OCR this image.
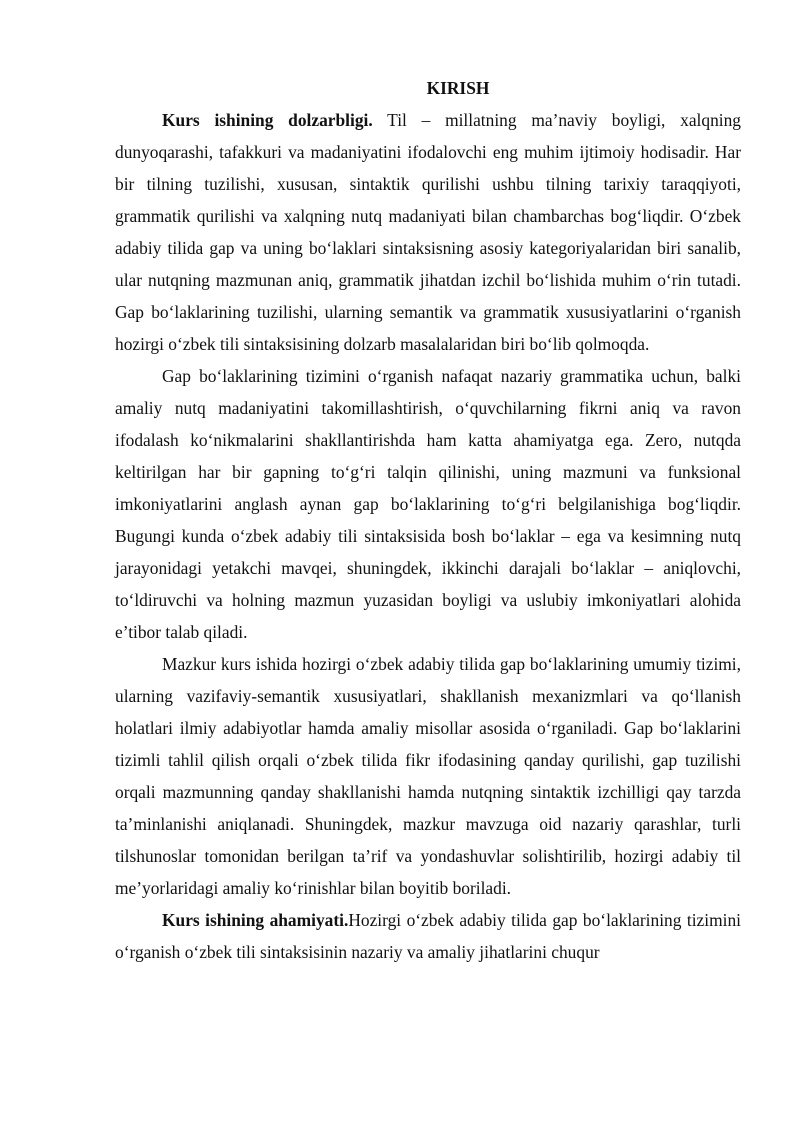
KIRISH

Kurs ishining dolzarbligi. Til – millatning ma’naviy boyligi, xalqning dunyoqarashi, tafakkuri va madaniyatini ifodalovchi eng muhim ijtimoiy hodisadir. Har bir tilning tuzilishi, xususan, sintaktik qurilishi ushbu tilning tarixiy taraqqiyoti, grammatik qurilishi va xalqning nutq madaniyati bilan chambarchas bog‘liqdir. O‘zbek adabiy tilida gap va uning bo‘laklari sintaksisning asosiy kategoriyalaridan biri sanalib, ular nutqning mazmunan aniq, grammatik jihatdan izchil bo‘lishida muhim o‘rin tutadi. Gap bo‘laklarining tuzilishi, ularning semantik va grammatik xususiyatlarini o‘rganish hozirgi o‘zbek tili sintaksisining dolzarb masalalaridan biri bo‘lib qolmoqda.

Gap bo‘laklarining tizimini o‘rganish nafaqat nazariy grammatika uchun, balki amaliy nutq madaniyatini takomillashtirish, o‘quvchilarning fikrni aniq va ravon ifodalash ko‘nikmalarini shakllantirishda ham katta ahamiyatga ega. Zero, nutqda keltirilgan har bir gapning to‘g‘ri talqin qilinishi, uning mazmuni va funksional imkoniyatlarini anglash aynan gap bo‘laklarining to‘g‘ri belgilanishiga bog‘liqdir. Bugungi kunda o‘zbek adabiy tili sintaksisida bosh bo‘laklar – ega va kesimning nutq jarayonidagi yetakchi mavqei, shuningdek, ikkinchi darajali bo‘laklar – aniqlovchi, to‘ldiruvchi va holning mazmun yuzasidan boyligi va uslubiy imkoniyatlari alohida e’tibor talab qiladi.

Mazkur kurs ishida hozirgi o‘zbek adabiy tilida gap bo‘laklarining umumiy tizimi, ularning vazifaviy-semantik xususiyatlari, shakllanish mexanizmlari va qo‘llanish holatlari ilmiy adabiyotlar hamda amaliy misollar asosida o‘rganiladi. Gap bo‘laklarini tizimli tahlil qilish orqali o‘zbek tilida fikr ifodasining qanday qurilishi, gap tuzilishi orqali mazmunning qanday shakllanishi hamda nutqning sintaktik izchilligi qay tarzda ta’minlanishi aniqlanadi. Shuningdek, mazkur mavzuga oid nazariy qarashlar, turli tilshunoslar tomonidan berilgan ta’rif va yondashuvlar solishtirilib, hozirgi adabiy til me’yorlaridagi amaliy ko‘rinishlar bilan boyitib boriladi.

Kurs ishining ahamiyati.Hozirgi o‘zbek adabiy tilida gap bo‘laklarining tizimini o‘rganish o‘zbek tili sintaksisinin nazariy va amaliy jihatlarini chuqur
